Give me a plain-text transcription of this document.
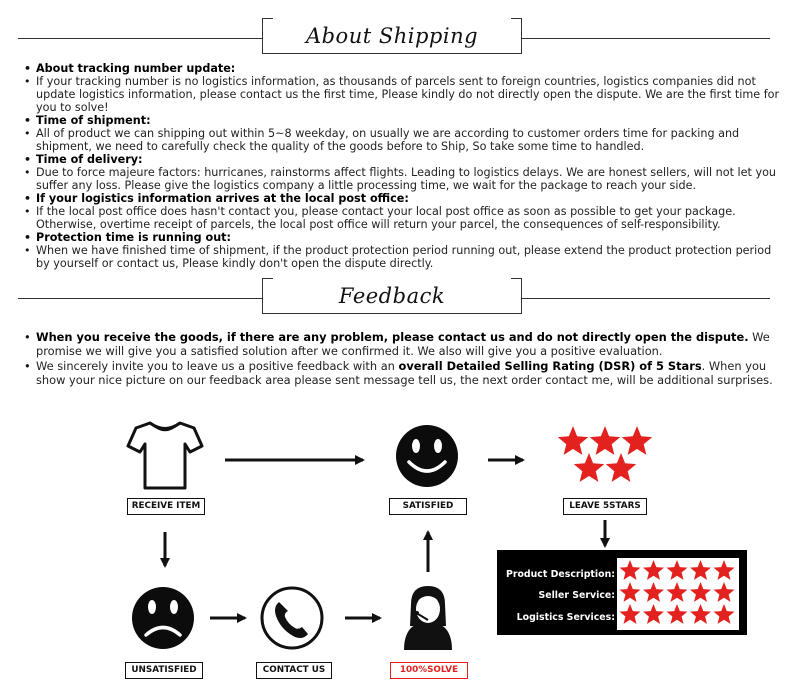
About Shipping
• About tracking number update:
• If your tracking number is no logistics information, as thousands of parcels sent to foreign countries, logistics companies did not update logistics information, please contact us the first time, Please kindly do not directly open the dispute. We are the first time for you to solve!
• Time of shipment:
• All of product we can shipping out within 5~8 weekday, on usually we are according to customer orders time for packing and shipment, we need to carefully check the quality of the goods before to Ship, So take some time to handled.
• Time of delivery:
• Due to force majeure factors: hurricanes, rainstorms affect flights. Leading to logistics delays. We are honest sellers, will not let you suffer any loss. Please give the logistics company a little processing time, we wait for the package to reach your side.
• If your logistics information arrives at the local post office:
• If the local post office does hasn't contact you, please contact your local post office as soon as possible to get your package. Otherwise, overtime receipt of parcels, the local post office will return your parcel, the consequences of self-responsibility.
• Protection time is running out:
• When we have finished time of shipment, if the product protection period running out, please extend the product protection period by yourself or contact us, Please kindly don't open the dispute directly.
Feedback
• When you receive the goods, if there are any problem, please contact us and do not directly open the dispute. We promise we will give you a satisfied solution after we confirmed it. We also will give you a positive evaluation.
• We sincerely invite you to leave us a positive feedback with an overall Detailed Selling Rating (DSR) of 5 Stars. When you show your nice picture on our feedback area please sent message tell us, the next order contact me, will be additional surprises.
RECEIVE ITEM	SATISFIED	LEAVE 5STARS
UNSATISFIED	CONTACT US	100%SOLVE
Product Description:
Seller Service:
Logistics Services:
